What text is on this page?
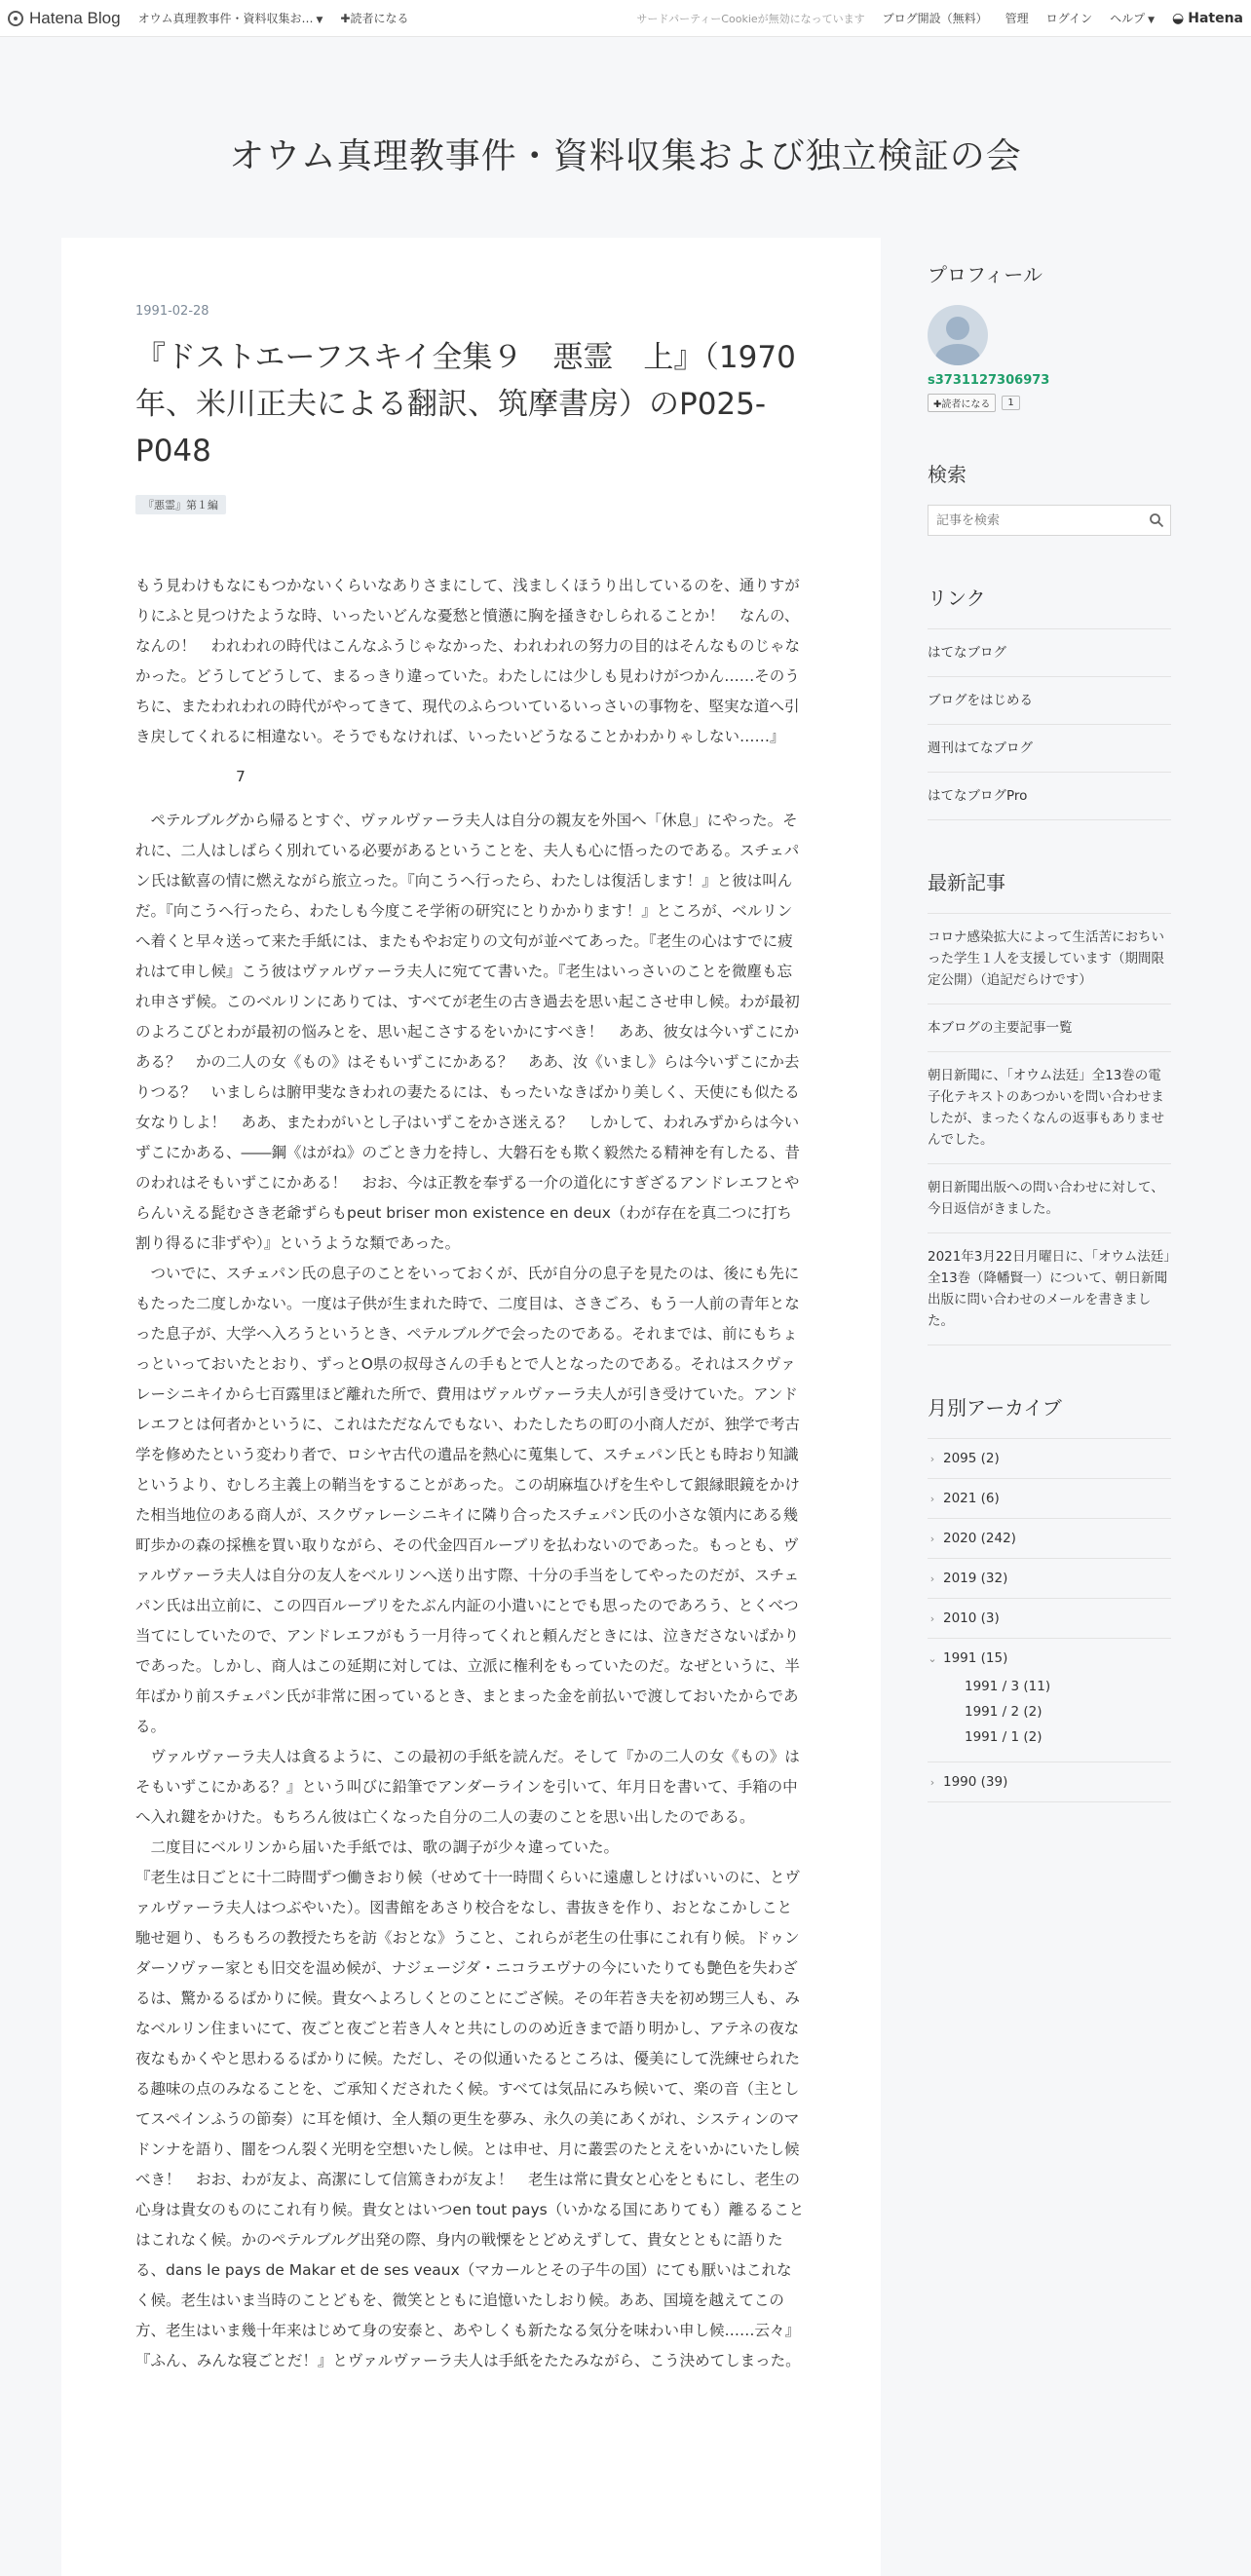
Hatena Blog オウム真理教事件・資料収集お… ▼ ✚読者になる	サードパーティーCookieが無効になっています ブログ開設（無料） 管理 ログイン ヘルプ ▼ ◒ Hatena
オウム真理教事件・資料収集および独立検証の会
1991-02-28
『ドストエーフスキイ全集９　悪霊　上』（1970年、米川正夫による翻訳、筑摩書房）のP025-P048
『悪霊』第１編

もう見わけもなにもつかないくらいなありさまにして、浅ましくほうり出しているのを、通りすがりにふと見つけたような時、いったいどんな憂愁と憤懣に胸を掻きむしられることか！　なんの、なんの！　われわれの時代はこんなふうじゃなかった、われわれの努力の目的はそんなものじゃなかった。どうしてどうして、まるっきり違っていた。わたしには少しも見わけがつかん……そのうちに、またわれわれの時代がやってきて、現代のふらついているいっさいの事物を、堅実な道へ引き戻してくれるに相違ない。そうでもなければ、いったいどうなることかわかりゃしない……』

7

　ペテルブルグから帰るとすぐ、ヴァルヴァーラ夫人は自分の親友を外国へ「休息」にやった。それに、二人はしばらく別れている必要があるということを、夫人も心に悟ったのである。スチェパン氏は歓喜の情に燃えながら旅立った。『向こうへ行ったら、わたしは復活します！』と彼は叫んだ。『向こうへ行ったら、わたしも今度こそ学術の研究にとりかかります！』ところが、ベルリンへ着くと早々送って来た手紙には、またもやお定りの文句が並べてあった。『老生の心はすでに疲れはて申し候』こう彼はヴァルヴァーラ夫人に宛てて書いた。『老生はいっさいのことを微塵も忘れ申さず候。このベルリンにありては、すべてが老生の古き過去を思い起こさせ申し候。わが最初のよろこびとわが最初の悩みとを、思い起こさするをいかにすべき！　ああ、彼女は今いずこにかある？　かの二人の女《もの》はそもいずこにかある？　ああ、汝《いまし》らは今いずこにか去りつる？　いましらは腑甲斐なきわれの妻たるには、もったいなきばかり美しく、天使にも似たる女なりしよ！　ああ、またわがいとし子はいずこをかさ迷える？　しかして、われみずからは今いずこにかある、――鋼《はがね》のごとき力を持し、大磐石をも欺く毅然たる精神を有したる、昔のわれはそもいずこにかある！　おお、今は正教を奉ずる一介の道化にすぎざるアンドレエフとやらんいえる髭むさき老爺ずらもpeut briser mon existence en deux（わが存在を真二つに打ち割り得るに非ずや）』というような類であった。

　ついでに、スチェパン氏の息子のことをいっておくが、氏が自分の息子を見たのは、後にも先にもたった二度しかない。一度は子供が生まれた時で、二度目は、さきごろ、もう一人前の青年となった息子が、大学へ入ろうというとき、ペテルブルグで会ったのである。それまでは、前にもちょっといっておいたとおり、ずっとO県の叔母さんの手もとで人となったのである。それはスクヴァレーシニキイから七百露里ほど離れた所で、費用はヴァルヴァーラ夫人が引き受けていた。アンドレエフとは何者かというに、これはただなんでもない、わたしたちの町の小商人だが、独学で考古学を修めたという変わり者で、ロシヤ古代の遺品を熱心に蒐集して、スチェパン氏とも時おり知識というより、むしろ主義上の鞘当をすることがあった。この胡麻塩ひげを生やして銀縁眼鏡をかけた相当地位のある商人が、スクヴァレーシニキイに隣り合ったスチェパン氏の小さな領内にある幾町歩かの森の採樵を買い取りながら、その代金四百ルーブリを払わないのであった。もっとも、ヴァルヴァーラ夫人は自分の友人をベルリンへ送り出す際、十分の手当をしてやったのだが、スチェパン氏は出立前に、この四百ルーブリをたぶん内証の小遣いにとでも思ったのであろう、とくべつ当てにしていたので、アンドレエフがもう一月待ってくれと頼んだときには、泣きださないばかりであった。しかし、商人はこの延期に対しては、立派に権利をもっていたのだ。なぜというに、半年ばかり前スチェパン氏が非常に困っているとき、まとまった金を前払いで渡しておいたからである。

　ヴァルヴァーラ夫人は貪るように、この最初の手紙を読んだ。そして『かの二人の女《もの》はそもいずこにかある？』という叫びに鉛筆でアンダーラインを引いて、年月日を書いて、手箱の中へ入れ鍵をかけた。もちろん彼は亡くなった自分の二人の妻のことを思い出したのである。

　二度目にベルリンから届いた手紙では、歌の調子が少々違っていた。

『老生は日ごとに十二時間ずつ働きおり候（せめて十一時間くらいに遠慮しとけばいいのに、とヴァルヴァーラ夫人はつぶやいた）。図書館をあさり校合をなし、書抜きを作り、おとなこかしこと馳せ廻り、もろもろの教授たちを訪《おとな》うこと、これらが老生の仕事にこれ有り候。ドゥンダーソヴァー家とも旧交を温め候が、ナジェージダ・ニコラエヴナの今にいたりても艶色を失わざるは、驚かるるばかりに候。貴女へよろしくとのことにござ候。その年若き夫を初め甥三人も、みなベルリン住まいにて、夜ごと夜ごと若き人々と共にしののめ近きまで語り明かし、アテネの夜な夜なもかくやと思わるるばかりに候。ただし、その似通いたるところは、優美にして洗練せられたる趣味の点のみなることを、ご承知くだされたく候。すべては気品にみち候いて、楽の音（主としてスペインふうの節奏）に耳を傾け、全人類の更生を夢み、永久の美にあくがれ、システィンのマドンナを語り、闇をつん裂く光明を空想いたし候。とは申せ、月に叢雲のたとえをいかにいたし候べき！　おお、わが友よ、高潔にして信篤きわが友よ！　老生は常に貴女と心をともにし、老生の心身は貴女のものにこれ有り候。貴女とはいつen tout pays（いかなる国にありても）離るることはこれなく候。かのペテルブルグ出発の際、身内の戦慄をとどめえずして、貴女とともに語りたる、dans le pays de Makar et de ses veaux（マカールとその子牛の国）にても厭いはこれなく候。老生はいま当時のことどもを、微笑とともに追憶いたしおり候。ああ、国境を越えてこの方、老生はいま幾十年来はじめて身の安泰と、あやしくも新たなる気分を味わい申し候……云々』

『ふん、みんな寝ごとだ！』とヴァルヴァーラ夫人は手紙をたたみながら、こう決めてしまった。

プロフィール
s3731127306973
✚読者になる	1
検索
記事を検索
リンク
はてなブログ
ブログをはじめる
週刊はてなブログ
はてなブログPro
最新記事
コロナ感染拡大によって生活苦におちいった学生１人を支援しています（期間限定公開）（追記だらけです）
本ブログの主要記事一覧
朝日新聞に、「オウム法廷」全13巻の電子化テキストのあつかいを問い合わせましたが、まったくなんの返事もありませんでした。
朝日新聞出版への問い合わせに対して、今日返信がきました。
2021年3月22日月曜日に、「オウム法廷」全13巻（降幡賢一）について、朝日新聞出版に問い合わせのメールを書きました。
月別アーカイブ
› 2095 (2)
› 2021 (6)
› 2020 (242)
› 2019 (32)
› 2010 (3)
⌄ 1991 (15)
1991 / 3 (11)
1991 / 2 (2)
1991 / 1 (2)
› 1990 (39)
